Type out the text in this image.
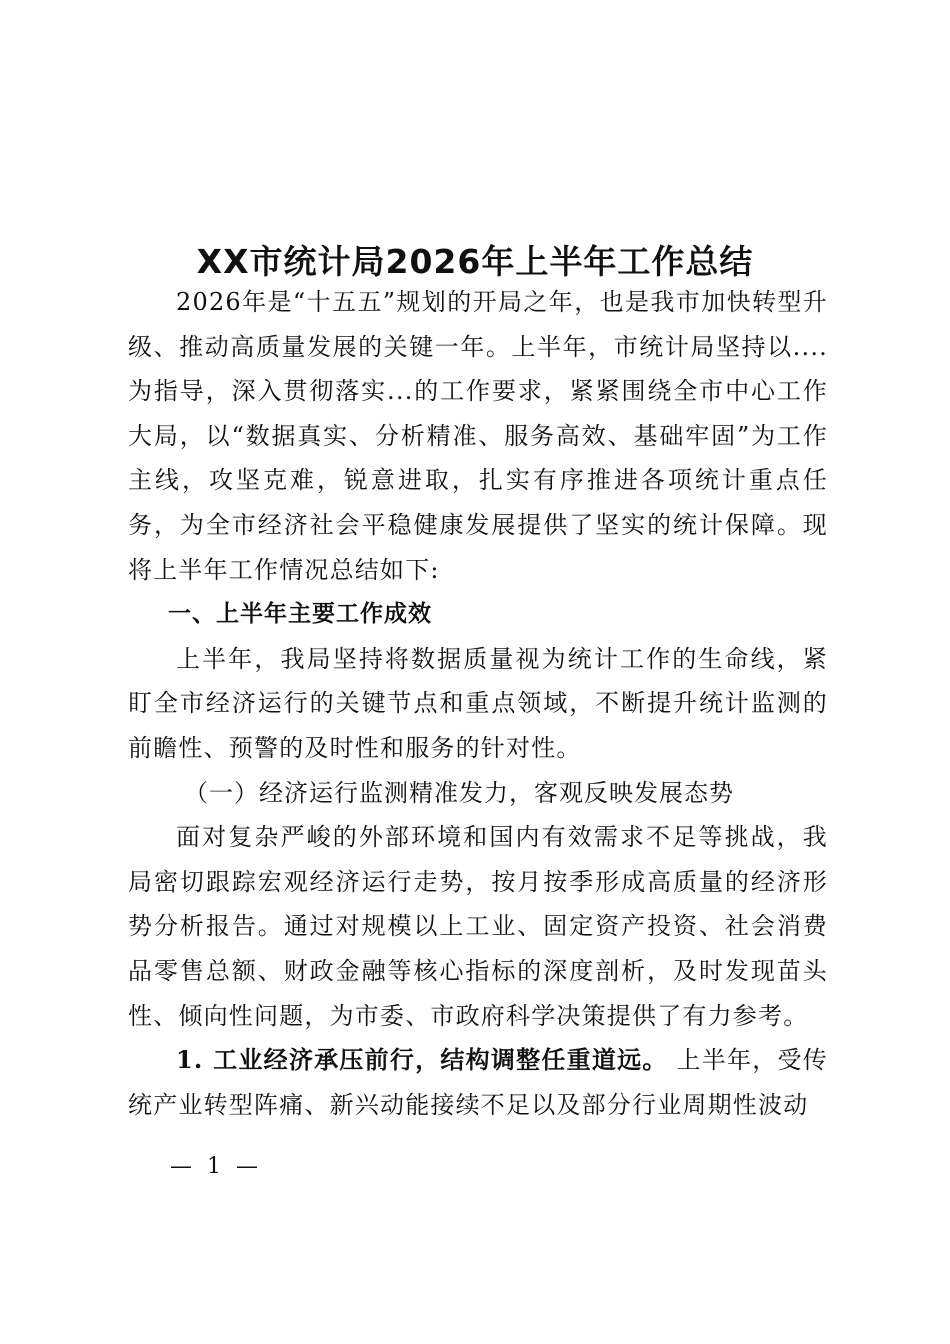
XX市统计局2026年上半年工作总结

2026年是“十五五”规划的开局之年，也是我市加快转型升级、推动高质量发展的关键一年。上半年，市统计局坚持以....为指导，深入贯彻落实...的工作要求，紧紧围绕全市中心工作大局，以“数据真实、分析精准、服务高效、基础牢固”为工作主线，攻坚克难，锐意进取，扎实有序推进各项统计重点任务，为全市经济社会平稳健康发展提供了坚实的统计保障。现将上半年工作情况总结如下:

一、上半年主要工作成效

上半年，我局坚持将数据质量视为统计工作的生命线，紧盯全市经济运行的关键节点和重点领域，不断提升统计监测的前瞻性、预警的及时性和服务的针对性。

（一）经济运行监测精准发力，客观反映发展态势

面对复杂严峻的外部环境和国内有效需求不足等挑战，我局密切跟踪宏观经济运行走势，按月按季形成高质量的经济形势分析报告。通过对规模以上工业、固定资产投资、社会消费品零售总额、财政金融等核心指标的深度剖析，及时发现苗头性、倾向性问题，为市委、市政府科学决策提供了有力参考。

1. 工业经济承压前行，结构调整任重道远。 上半年，受传统产业转型阵痛、新兴动能接续不足以及部分行业周期性波动

— 1 —
